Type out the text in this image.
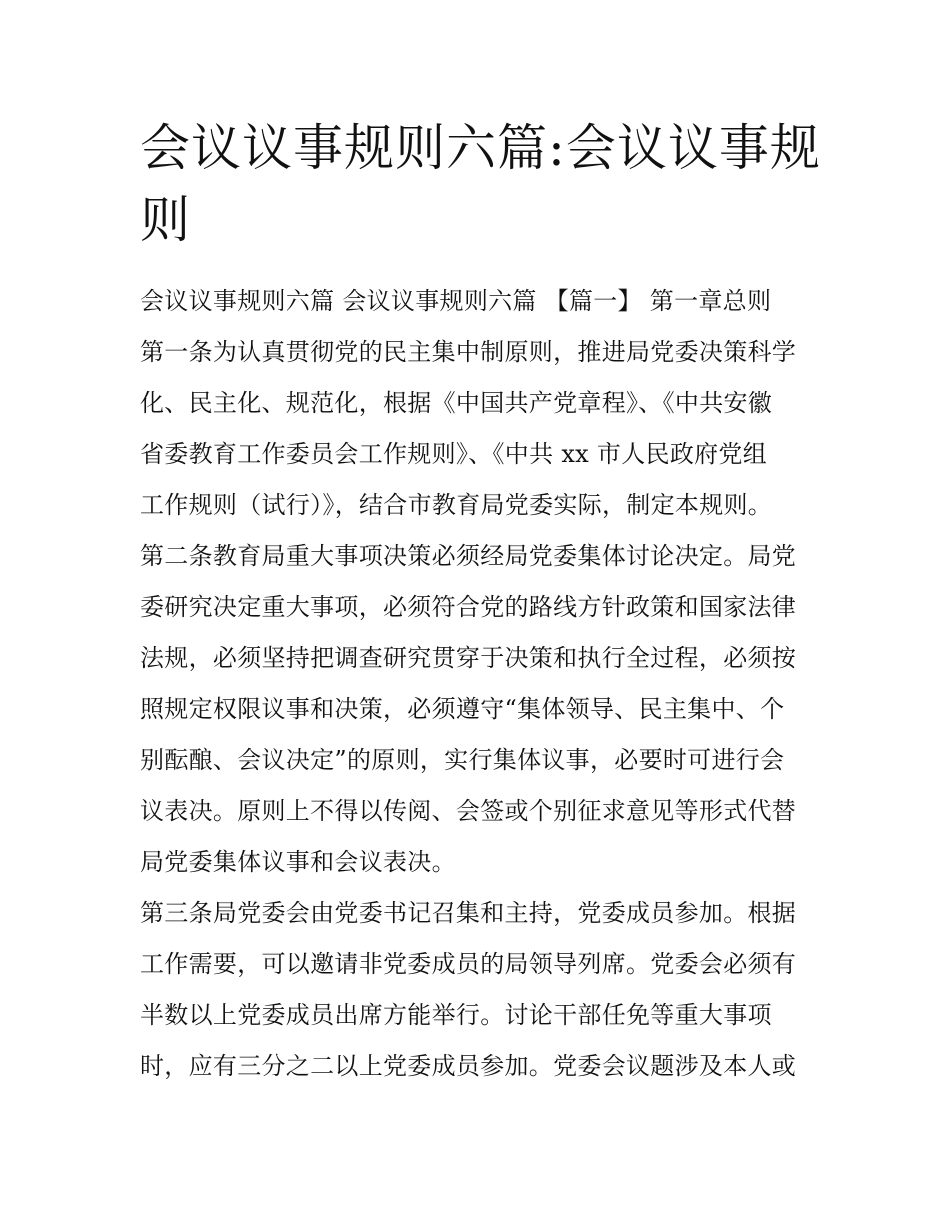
会议议事规则六篇:会议议事规
则
会议议事规则六篇 会议议事规则六篇 【篇一】 第一章总则
第一条为认真贯彻党的民主集中制原则，推进局党委决策科学
化、民主化、规范化，根据《中国共产党章程》、《中共安徽
省委教育工作委员会工作规则》、《中共 xx 市人民政府党组
工作规则（试行）》，结合市教育局党委实际，制定本规则。
第二条教育局重大事项决策必须经局党委集体讨论决定。局党
委研究决定重大事项，必须符合党的路线方针政策和国家法律
法规，必须坚持把调查研究贯穿于决策和执行全过程，必须按
照规定权限议事和决策，必须遵守“集体领导、民主集中、个
别酝酿、会议决定”的原则，实行集体议事，必要时可进行会
议表决。原则上不得以传阅、会签或个别征求意见等形式代替
局党委集体议事和会议表决。
第三条局党委会由党委书记召集和主持，党委成员参加。根据
工作需要，可以邀请非党委成员的局领导列席。党委会必须有
半数以上党委成员出席方能举行。讨论干部任免等重大事项
时，应有三分之二以上党委成员参加。党委会议题涉及本人或
